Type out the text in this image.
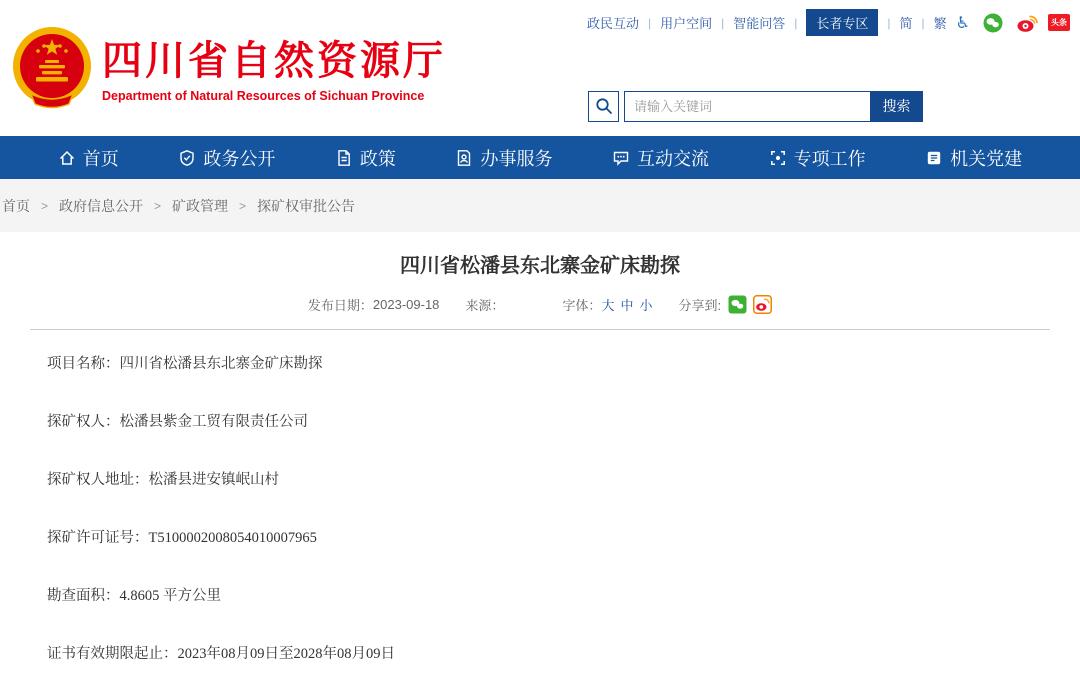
政民互动 | 用户空间 | 智能问答 |	长者专区	| 简 | 繁 ♿	头条
四川省自然资源厅
Department of Natural Resources of Sichuan Province
请输入关键词
搜索
首页	政务公开	政策	办事服务	互动交流	专项工作	机关党建
首页 > 政府信息公开 > 矿政管理 > 探矿权审批公告
四川省松潘县东北寨金矿床勘探
发布日期： 2023-09-18 来源：	字体： 大 中 小 分享到:

项目名称：四川省松潘县东北寨金矿床勘探

探矿权人：松潘县紫金工贸有限责任公司

探矿权人地址：松潘县进安镇岷山村

探矿许可证号：T5100002008054010007965

勘查面积：4.8605 平方公里

证书有效期限起止：2023年08月09日至2028年08月09日
